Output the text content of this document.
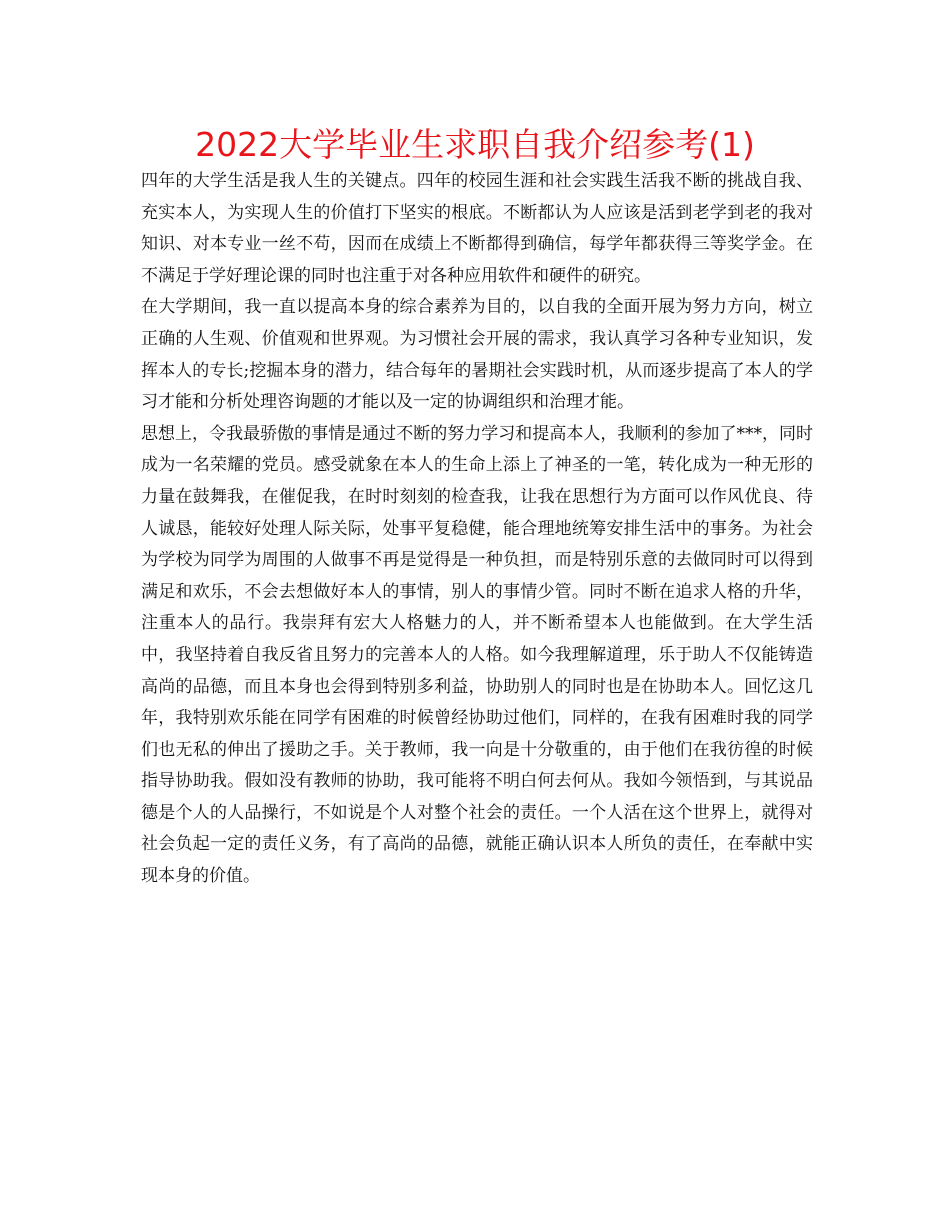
2022大学毕业生求职自我介绍参考(1)

四年的大学生活是我人生的关键点。四年的校园生涯和社会实践生活我不断的挑战自我、充实本人，为实现人生的价值打下坚实的根底。不断都认为人应该是活到老学到老的我对知识、对本专业一丝不苟，因而在成绩上不断都得到确信，每学年都获得三等奖学金。在不满足于学好理论课的同时也注重于对各种应用软件和硬件的研究。

在大学期间，我一直以提高本身的综合素养为目的，以自我的全面开展为努力方向，树立正确的人生观、价值观和世界观。为习惯社会开展的需求，我认真学习各种专业知识，发挥本人的专长;挖掘本身的潜力，结合每年的暑期社会实践时机，从而逐步提高了本人的学习才能和分析处理咨询题的才能以及一定的协调组织和治理才能。

思想上，令我最骄傲的事情是通过不断的努力学习和提高本人，我顺利的参加了***，同时成为一名荣耀的党员。感受就象在本人的生命上添上了神圣的一笔，转化成为一种无形的力量在鼓舞我，在催促我，在时时刻刻的检查我，让我在思想行为方面可以作风优良、待人诚恳，能较好处理人际关际，处事平复稳健，能合理地统筹安排生活中的事务。为社会为学校为同学为周围的人做事不再是觉得是一种负担，而是特别乐意的去做同时可以得到满足和欢乐，不会去想做好本人的事情，别人的事情少管。同时不断在追求人格的升华，注重本人的品行。我崇拜有宏大人格魅力的人，并不断希望本人也能做到。在大学生活中，我坚持着自我反省且努力的完善本人的人格。如今我理解道理，乐于助人不仅能铸造高尚的品德，而且本身也会得到特别多利益，协助别人的同时也是在协助本人。回忆这几年，我特别欢乐能在同学有困难的时候曾经协助过他们，同样的，在我有困难时我的同学们也无私的伸出了援助之手。关于教师，我一向是十分敬重的，由于他们在我彷徨的时候指导协助我。假如没有教师的协助，我可能将不明白何去何从。我如今领悟到，与其说品德是个人的人品操行，不如说是个人对整个社会的责任。一个人活在这个世界上，就得对社会负起一定的责任义务，有了高尚的品德，就能正确认识本人所负的责任，在奉献中实现本身的价值。
